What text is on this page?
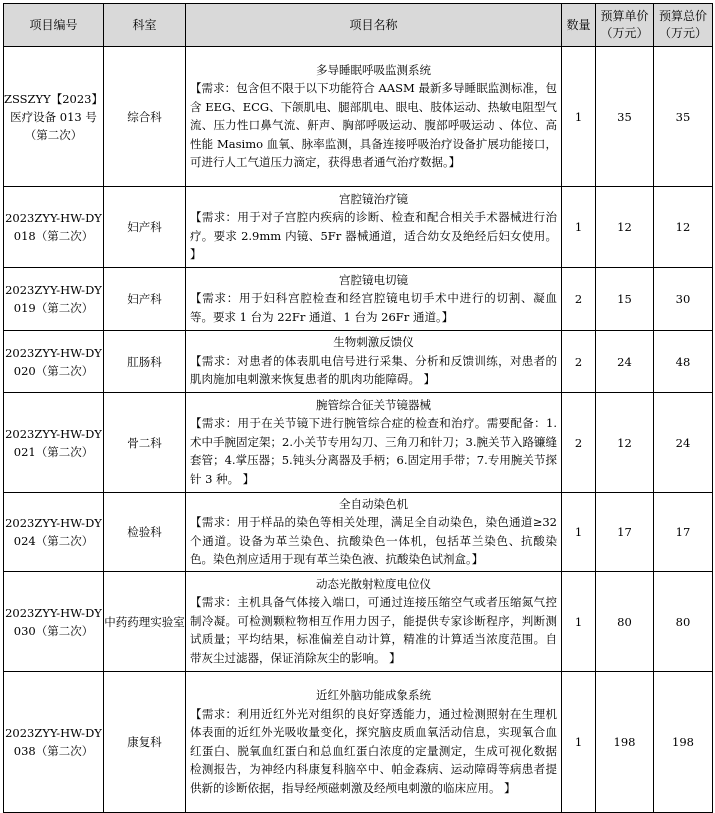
项目编号	科室	项目名称	数量	预算单价（万元）	预算总价（万元）
ZSSZYY【2023】医疗设备 013 号（第二次）	综合科	多导睡眠呼吸监测系统
【需求：包含但不限于以下功能符合 AASM 最新多导睡眠监测标准，包含 EEG、ECG、下颌肌电、腿部肌电、眼电、肢体运动、热敏电阻型气流、压力性口鼻气流、鼾声、胸部呼吸运动、腹部呼吸运动 、体位、高性能 Masimo 血氧、脉率监测，具备连接呼吸治疗设备扩展功能接口，可进行人工气道压力滴定，获得患者通气治疗数据。】	1	35	35
2023ZYY-HW-DY018（第二次）	妇产科	宫腔镜治疗镜
【需求：用于对子宫腔内疾病的诊断、检查和配合相关手术器械进行治疗。要求 2.9mm 内镜、5Fr 器械通道，适合幼女及绝经后妇女使用。 】	1	12	12
2023ZYY-HW-DY019（第二次）	妇产科	宫腔镜电切镜
【需求：用于妇科宫腔检查和经宫腔镜电切手术中进行的切割、凝血等。要求 1 台为 22Fr 通道、1 台为 26Fr 通道。】	2	15	30
2023ZYY-HW-DY020（第二次）	肛肠科	生物刺激反馈仪
【需求：对患者的体表肌电信号进行采集、分析和反馈训练，对患者的肌肉施加电刺激来恢复患者的肌肉功能障碍。 】	2	24	48
2023ZYY-HW-DY021（第二次）	骨二科	腕管综合征关节镜器械
【需求：用于在关节镜下进行腕管综合症的检查和治疗。需要配备：1.术中手腕固定架；2.小关节专用勾刀、三角刀和针刀；3.腕关节入路镰缝套管；4.掌压器；5.钝头分离器及手柄；6.固定用手带；7.专用腕关节探针 3 种。 】	2	12	24
2023ZYY-HW-DY024（第二次）	检验科	全自动染色机
【需求：用于样品的染色等相关处理，满足全自动染色，染色通道≥32 个通道。设备为革兰染色、抗酸染色一体机，包括革兰染色、抗酸染色。染色剂应适用于现有革兰染色液、抗酸染色试剂盒。】	1	17	17
2023ZYY-HW-DY030（第二次）	中药药理实验室	动态光散射粒度电位仪
【需求：主机具备气体接入端口，可通过连接压缩空气或者压缩氮气控制冷凝。可检测颗粒物相互作用力因子，能提供专家诊断程序，判断测试质量；平均结果，标准偏差自动计算，精准的计算适当浓度范围。自带灰尘过滤器，保证消除灰尘的影响。 】	1	80	80
2023ZYY-HW-DY038（第二次）	康复科	近红外脑功能成象系统
【需求：利用近红外光对组织的良好穿透能力，通过检测照射在生理机体表面的近红外光吸收量变化，探究脑皮质血氧活动信息，实现氧合血红蛋白、脱氧血红蛋白和总血红蛋白浓度的定量测定，生成可视化数据检测报告，为神经内科康复科脑卒中、帕金森病、运动障碍等病患者提供新的诊断依据，指导经颅磁刺激及经颅电刺激的临床应用。 】	1	198	198
